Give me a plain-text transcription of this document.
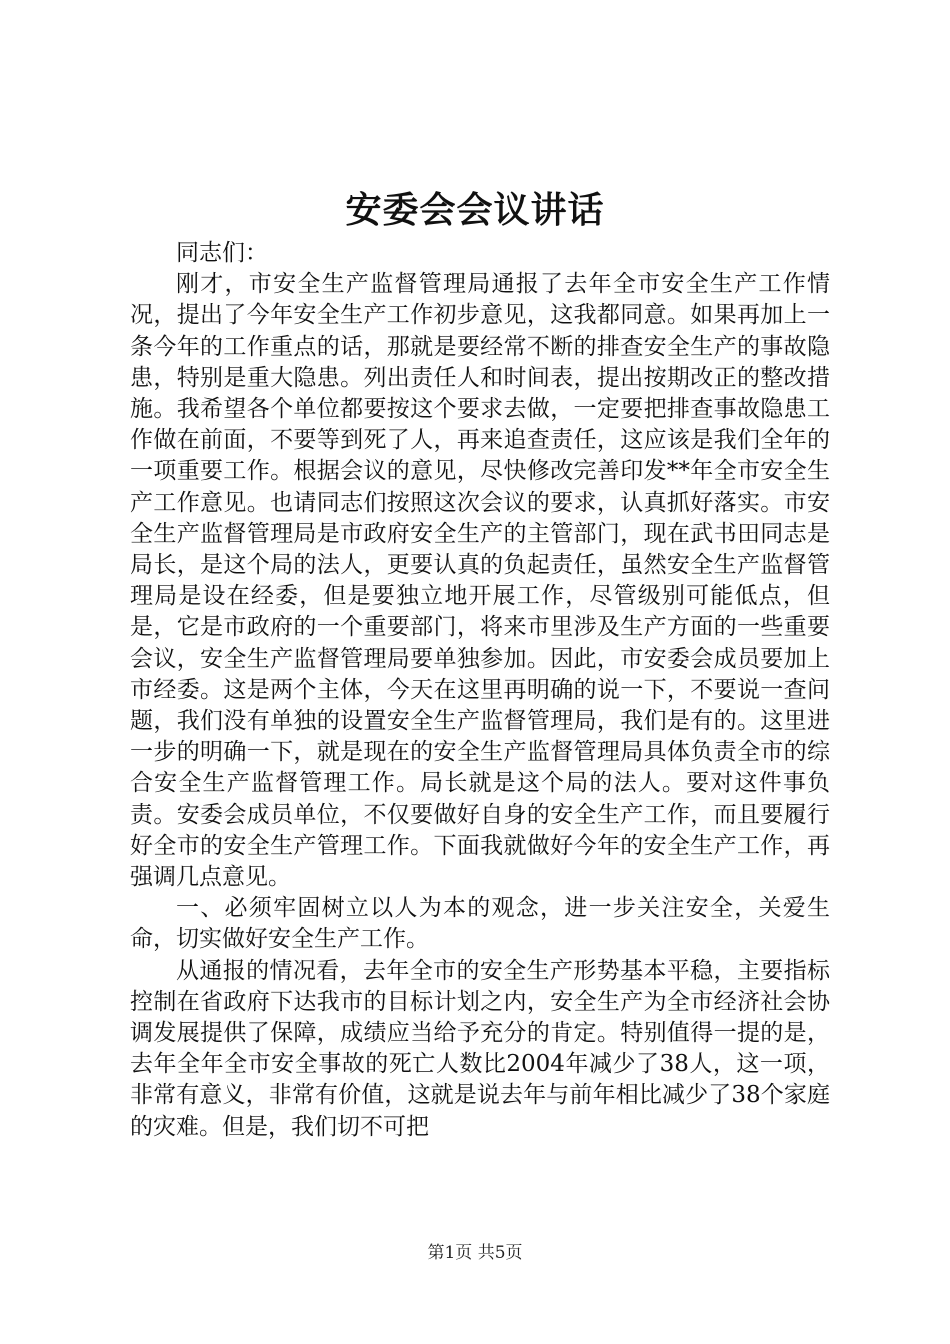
安委会会议讲话

同志们：

刚才，市安全生产监督管理局通报了去年全市安全生产工作情况，提出了今年安全生产工作初步意见，这我都同意。如果再加上一条今年的工作重点的话，那就是要经常不断的排查安全生产的事故隐患，特别是重大隐患。列出责任人和时间表，提出按期改正的整改措施。我希望各个单位都要按这个要求去做，一定要把排查事故隐患工作做在前面，不要等到死了人，再来追查责任，这应该是我们全年的一项重要工作。根据会议的意见，尽快修改完善印发**年全市安全生产工作意见。也请同志们按照这次会议的要求，认真抓好落实。市安全生产监督管理局是市政府安全生产的主管部门，现在武书田同志是局长，是这个局的法人，更要认真的负起责任，虽然安全生产监督管理局是设在经委，但是要独立地开展工作，尽管级别可能低点，但是，它是市政府的一个重要部门，将来市里涉及生产方面的一些重要会议，安全生产监督管理局要单独参加。因此，市安委会成员要加上市经委。这是两个主体，今天在这里再明确的说一下，不要说一查问题，我们没有单独的设置安全生产监督管理局，我们是有的。这里进一步的明确一下，就是现在的安全生产监督管理局具体负责全市的综合安全生产监督管理工作。局长就是这个局的法人。要对这件事负责。安委会成员单位，不仅要做好自身的安全生产工作，而且要履行好全市的安全生产管理工作。下面我就做好今年的安全生产工作，再强调几点意见。

一、必须牢固树立以人为本的观念，进一步关注安全，关爱生命，切实做好安全生产工作。

从通报的情况看，去年全市的安全生产形势基本平稳，主要指标控制在省政府下达我市的目标计划之内，安全生产为全市经济社会协调发展提供了保障，成绩应当给予充分的肯定。特别值得一提的是，去年全年全市安全事故的死亡人数比2004年减少了38人，这一项，非常有意义，非常有价值，这就是说去年与前年相比减少了38个家庭的灾难。但是，我们切不可把

第1页 共5页
